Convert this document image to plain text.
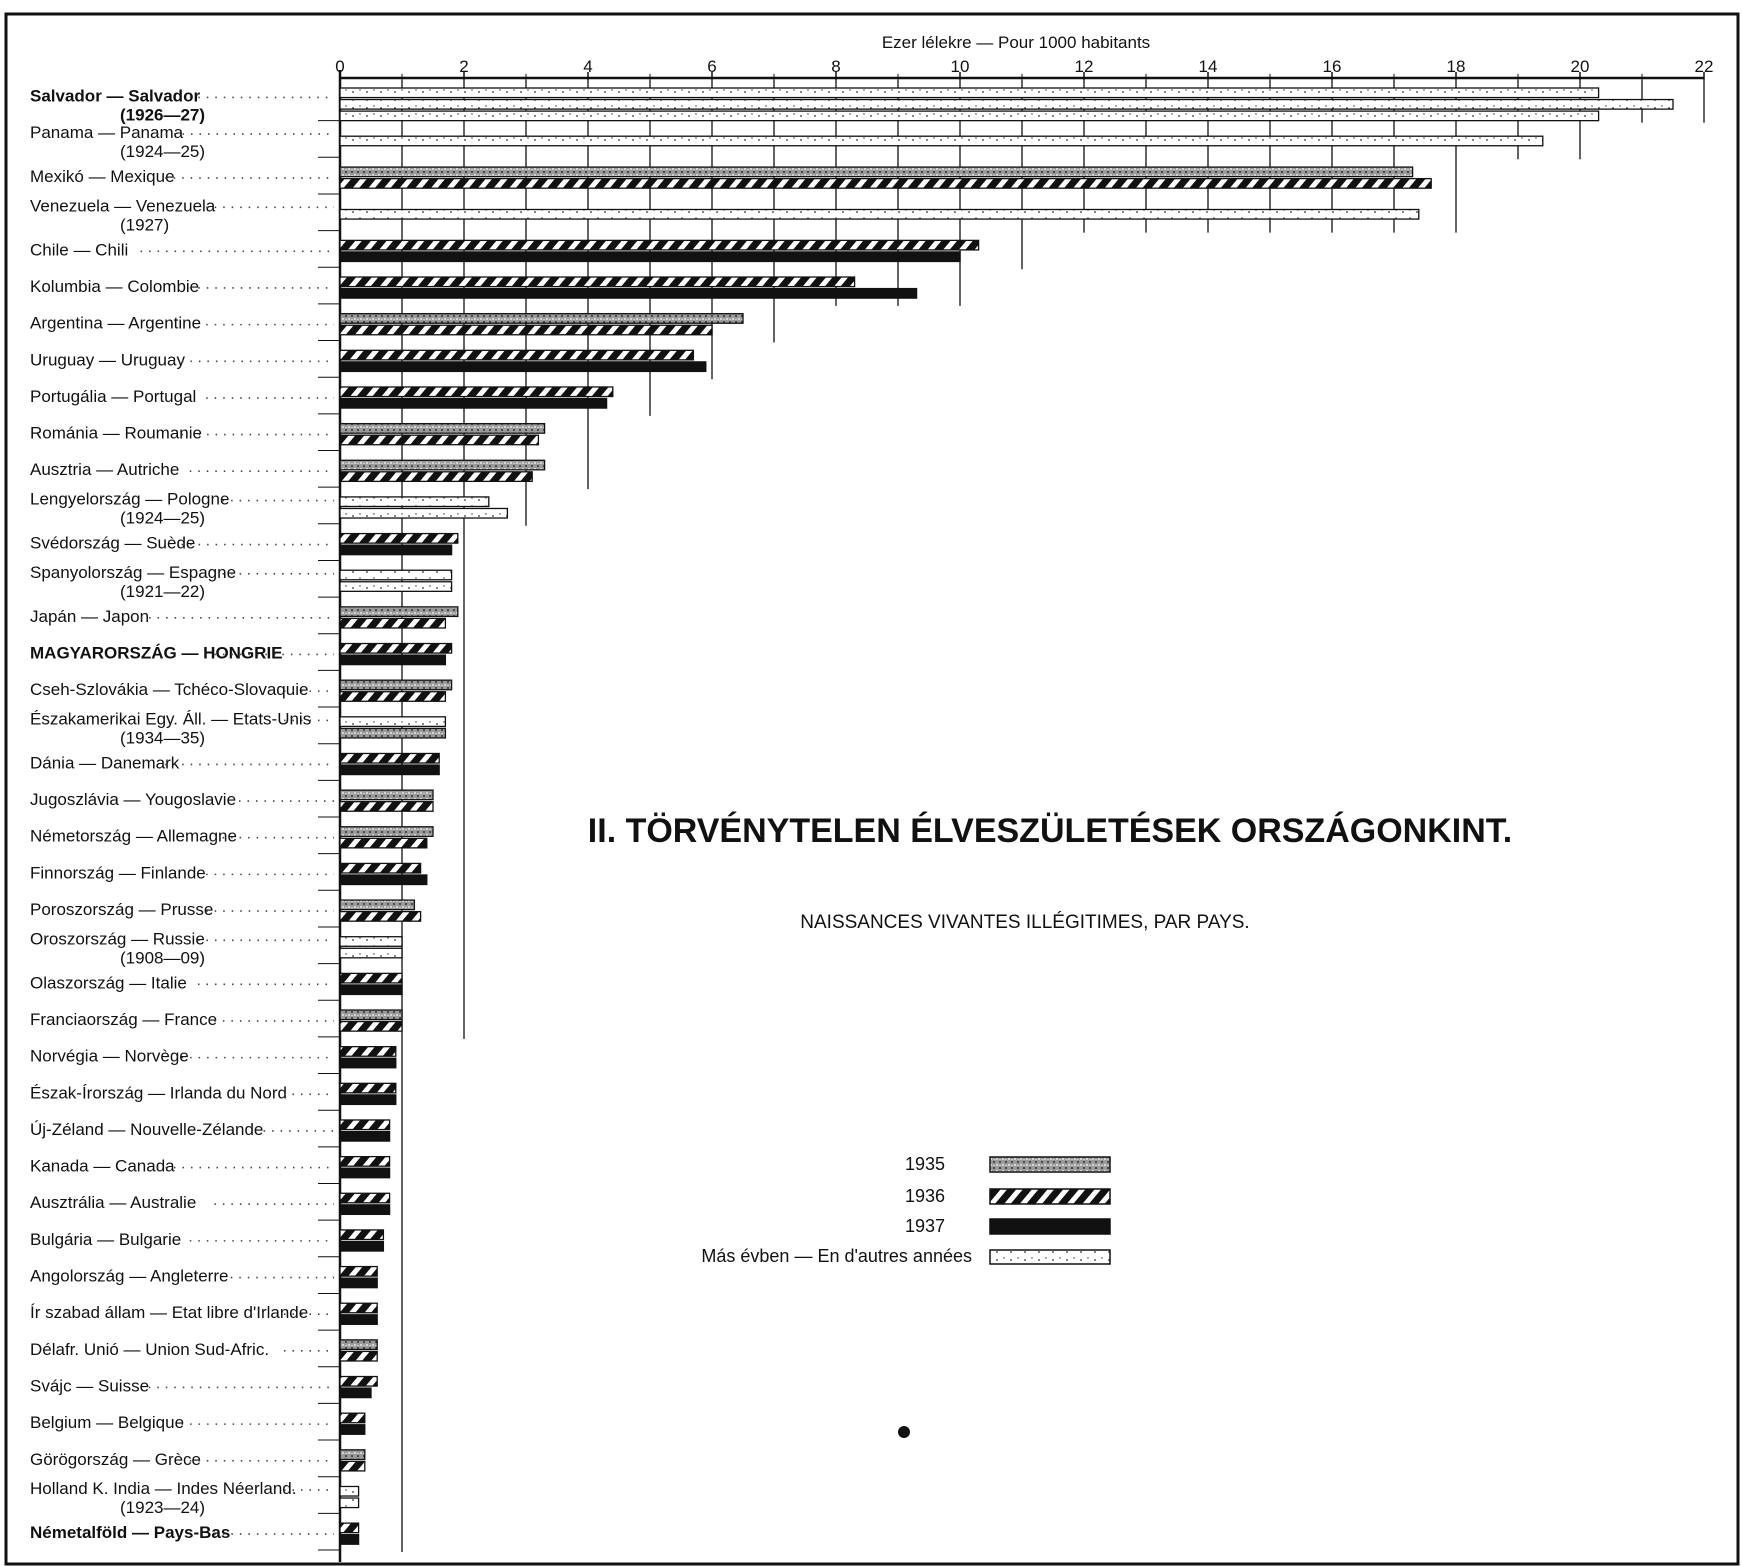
0	2	4	6	8	10	12	14	16	18	20	22
Ezer lélekre — Pour 1000 habitants
Salvador — Salvador
(1926—27)
Panama — Panama
(1924—25)
Mexikó — Mexique
Venezuela — Venezuela
(1927)
Chile — Chili
Kolumbia — Colombie
Argentina — Argentine
Uruguay — Uruguay
Portugália — Portugal
Románia — Roumanie
Ausztria — Autriche
Lengyelország — Pologne
(1924—25)
Svédország — Suède
Spanyolország — Espagne
(1921—22)
Japán — Japon
MAGYARORSZÁG — HONGRIE
Cseh-Szlovákia — Tchéco-Slovaquie
Északamerikai Egy. Áll. — Etats-Unis
(1934—35)
Dánia — Danemark
Jugoszlávia — Yougoslavie
Németország — Allemagne
Finnország — Finlande
Poroszország — Prusse
Oroszország — Russie
(1908—09)
Olaszország — Italie
Franciaország — France
Norvégia — Norvège
Észak-Írország — Irlanda du Nord
Új-Zéland — Nouvelle-Zélande
Kanada — Canada
Ausztrália — Australie
Bulgária — Bulgarie
Angolország — Angleterre
Ír szabad állam — Etat libre d'Irlande
Délafr. Unió — Union Sud-Afric.
Svájc — Suisse
Belgium — Belgique
Görögország — Grèce
Holland K. India — Indes Néerland.
(1923—24)
Németalföld — Pays-Bas
II. TÖRVÉNYTELEN ÉLVESZÜLETÉSEK ORSZÁGONKINT.
NAISSANCES VIVANTES ILLÉGITIMES, PAR PAYS.
1935
1936
1937
Más évben — En d'autres années
